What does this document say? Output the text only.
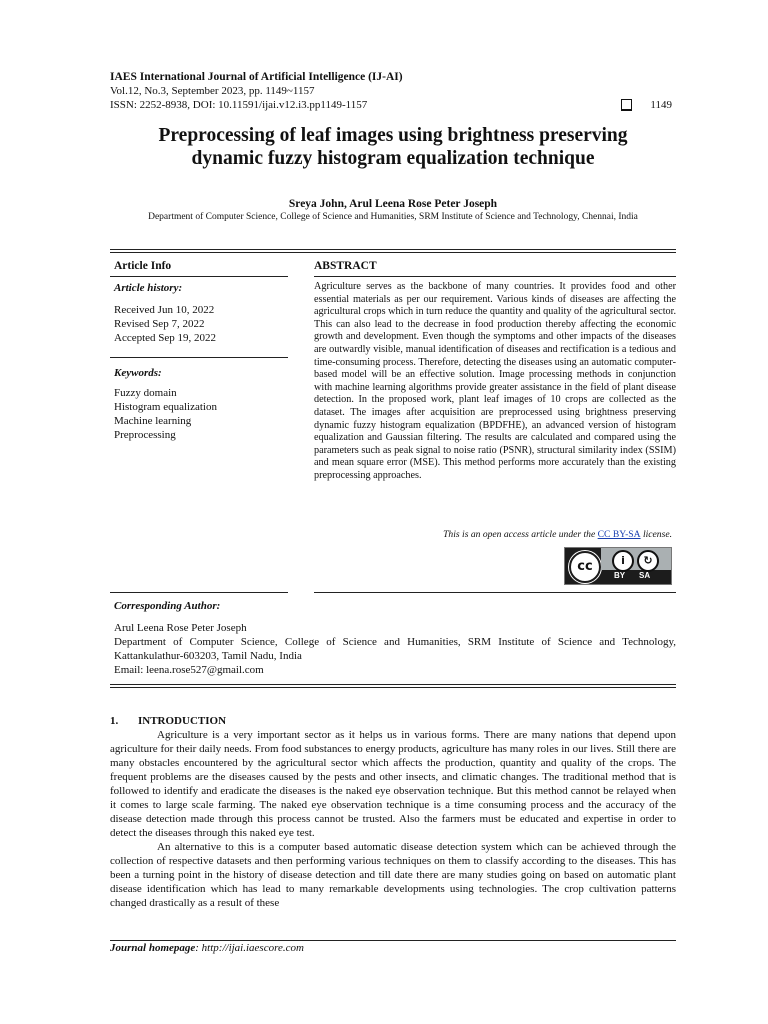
IAES International Journal of Artificial Intelligence (IJ-AI)
Vol.12, No.3, September 2023, pp. 1149~1157
ISSN: 2252-8938, DOI: 10.11591/ijai.v12.i3.pp1149-1157	1149
Preprocessing of leaf images using brightness preserving
dynamic fuzzy histogram equalization technique
Sreya John, Arul Leena Rose Peter Joseph
Department of Computer Science, College of Science and Humanities, SRM Institute of Science and Technology, Chennai, India
Article Info
Article history:
Received Jun 10, 2022
Revised Sep 7, 2022
Accepted Sep 19, 2022
Keywords:
Fuzzy domain
Histogram equalization
Machine learning
Preprocessing
ABSTRACT
Agriculture serves as the backbone of many countries. It provides food and other essential materials as per our requirement. Various kinds of diseases are affecting the agricultural crops which in turn reduce the quantity and quality of the agricultural sector. This can also lead to the decrease in food production thereby affecting the economic growth and development. Even though the symptoms and other impacts of the diseases are outwardly visible, manual identification of diseases and rectification is a tedious and time-consuming process. Therefore, detecting the diseases using an automatic computer-based model will be an effective solution. Image processing methods in conjunction with machine learning algorithms provide greater assistance in the field of plant disease detection. In the proposed work, plant leaf images of 10 crops are collected as the dataset. The images after acquisition are preprocessed using brightness preserving dynamic fuzzy histogram equalization (BPDFHE), an advanced version of histogram equalization and Gaussian filtering. The results are calculated and compared using the parameters such as peak signal to noise ratio (PSNR), structural similarity index (SSIM) and mean square error (MSE). This method performs more accurately than the existing preprocessing approaches.
This is an open access article under the CC BY-SA license.
cc	i	↻
BY SA
Corresponding Author:
Arul Leena Rose Peter Joseph
Department of Computer Science, College of Science and Humanities, SRM Institute of Science and Technology, Kattankulathur-603203, Tamil Nadu, India
Email: leena.rose527@gmail.com
1. INTRODUCTION

Agriculture is a very important sector as it helps us in various forms. There are many nations that depend upon agriculture for their daily needs. From food substances to energy products, agriculture has many roles in our lives. Still there are many obstacles encountered by the agricultural sector which affects the production, quantity and quality of the crops. The frequent problems are the diseases caused by the pests and other insects, and climatic changes. The traditional method that is followed to identify and eradicate the diseases is the naked eye observation technique. But this method cannot be relayed when it comes to large scale farming. The naked eye observation technique is a time consuming process and the accuracy of the disease detection made through this process cannot be trusted. Also the farmers must be educated and expertise in order to detect the diseases through this naked eye test.

An alternative to this is a computer based automatic disease detection system which can be achieved through the collection of respective datasets and then performing various techniques on them to classify according to the diseases. This has been a turning point in the history of disease detection and till date there are many studies going on based on automatic plant disease identification which has lead to many remarkable developments using technologies. The crop cultivation patterns changed drastically as a result of these

Journal homepage: http://ijai.iaescore.com
